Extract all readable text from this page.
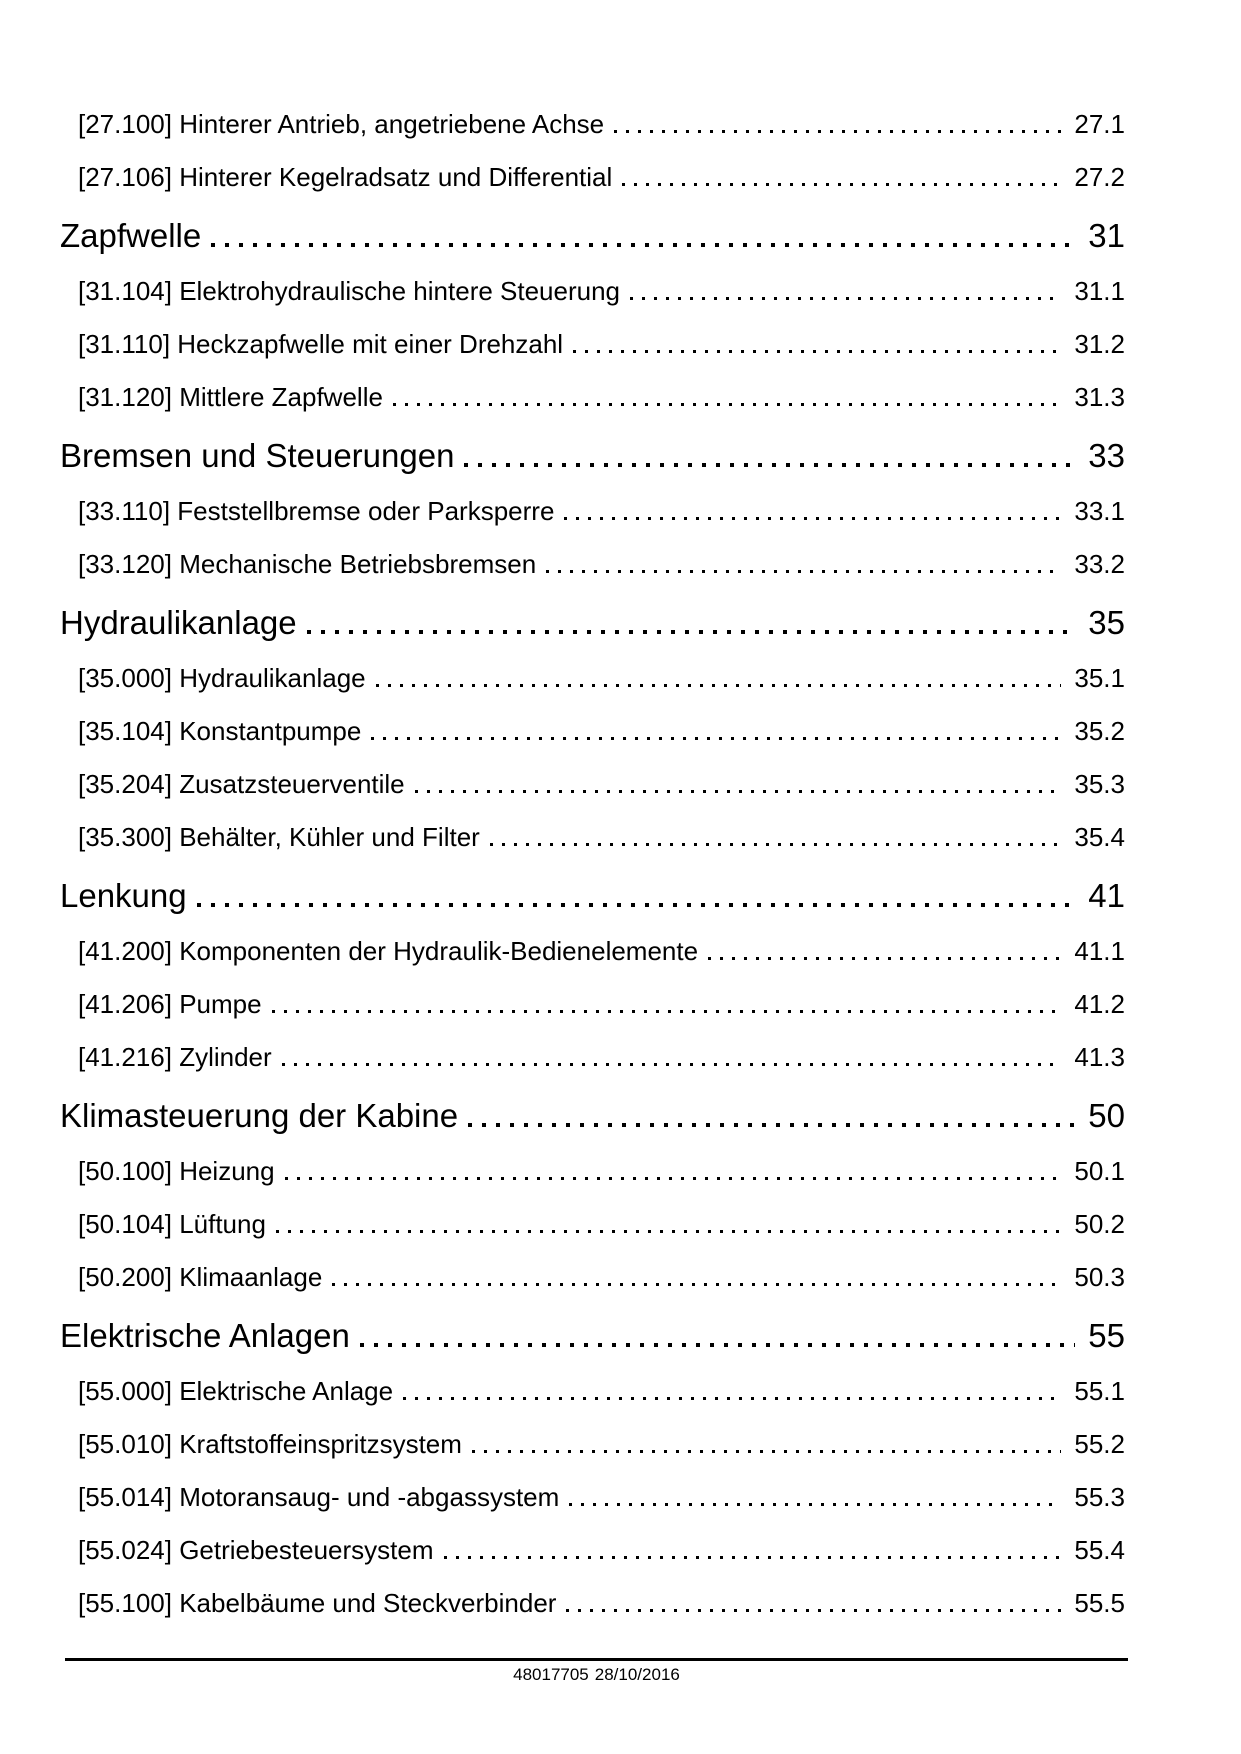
[27.100] Hinterer Antrieb, angetriebene Achse	27.1
[27.106] Hinterer Kegelradsatz und Differential	27.2
Zapfwelle	31
[31.104] Elektrohydraulische hintere Steuerung	31.1
[31.110] Heckzapfwelle mit einer Drehzahl	31.2
[31.120] Mittlere Zapfwelle	31.3
Bremsen und Steuerungen	33
[33.110] Feststellbremse oder Parksperre	33.1
[33.120] Mechanische Betriebsbremsen	33.2
Hydraulikanlage	35
[35.000] Hydraulikanlage	35.1
[35.104] Konstantpumpe	35.2
[35.204] Zusatzsteuerventile	35.3
[35.300] Behälter, Kühler und Filter	35.4
Lenkung	41
[41.200] Komponenten der Hydraulik-Bedienelemente	41.1
[41.206] Pumpe	41.2
[41.216] Zylinder	41.3
Klimasteuerung der Kabine	50
[50.100] Heizung	50.1
[50.104] Lüftung	50.2
[50.200] Klimaanlage	50.3
Elektrische Anlagen	55
[55.000] Elektrische Anlage	55.1
[55.010] Kraftstoffeinspritzsystem	55.2
[55.014] Motoransaug- und -abgassystem	55.3
[55.024] Getriebesteuersystem	55.4
[55.100] Kabelbäume und Steckverbinder	55.5
48017705 28/10/2016
